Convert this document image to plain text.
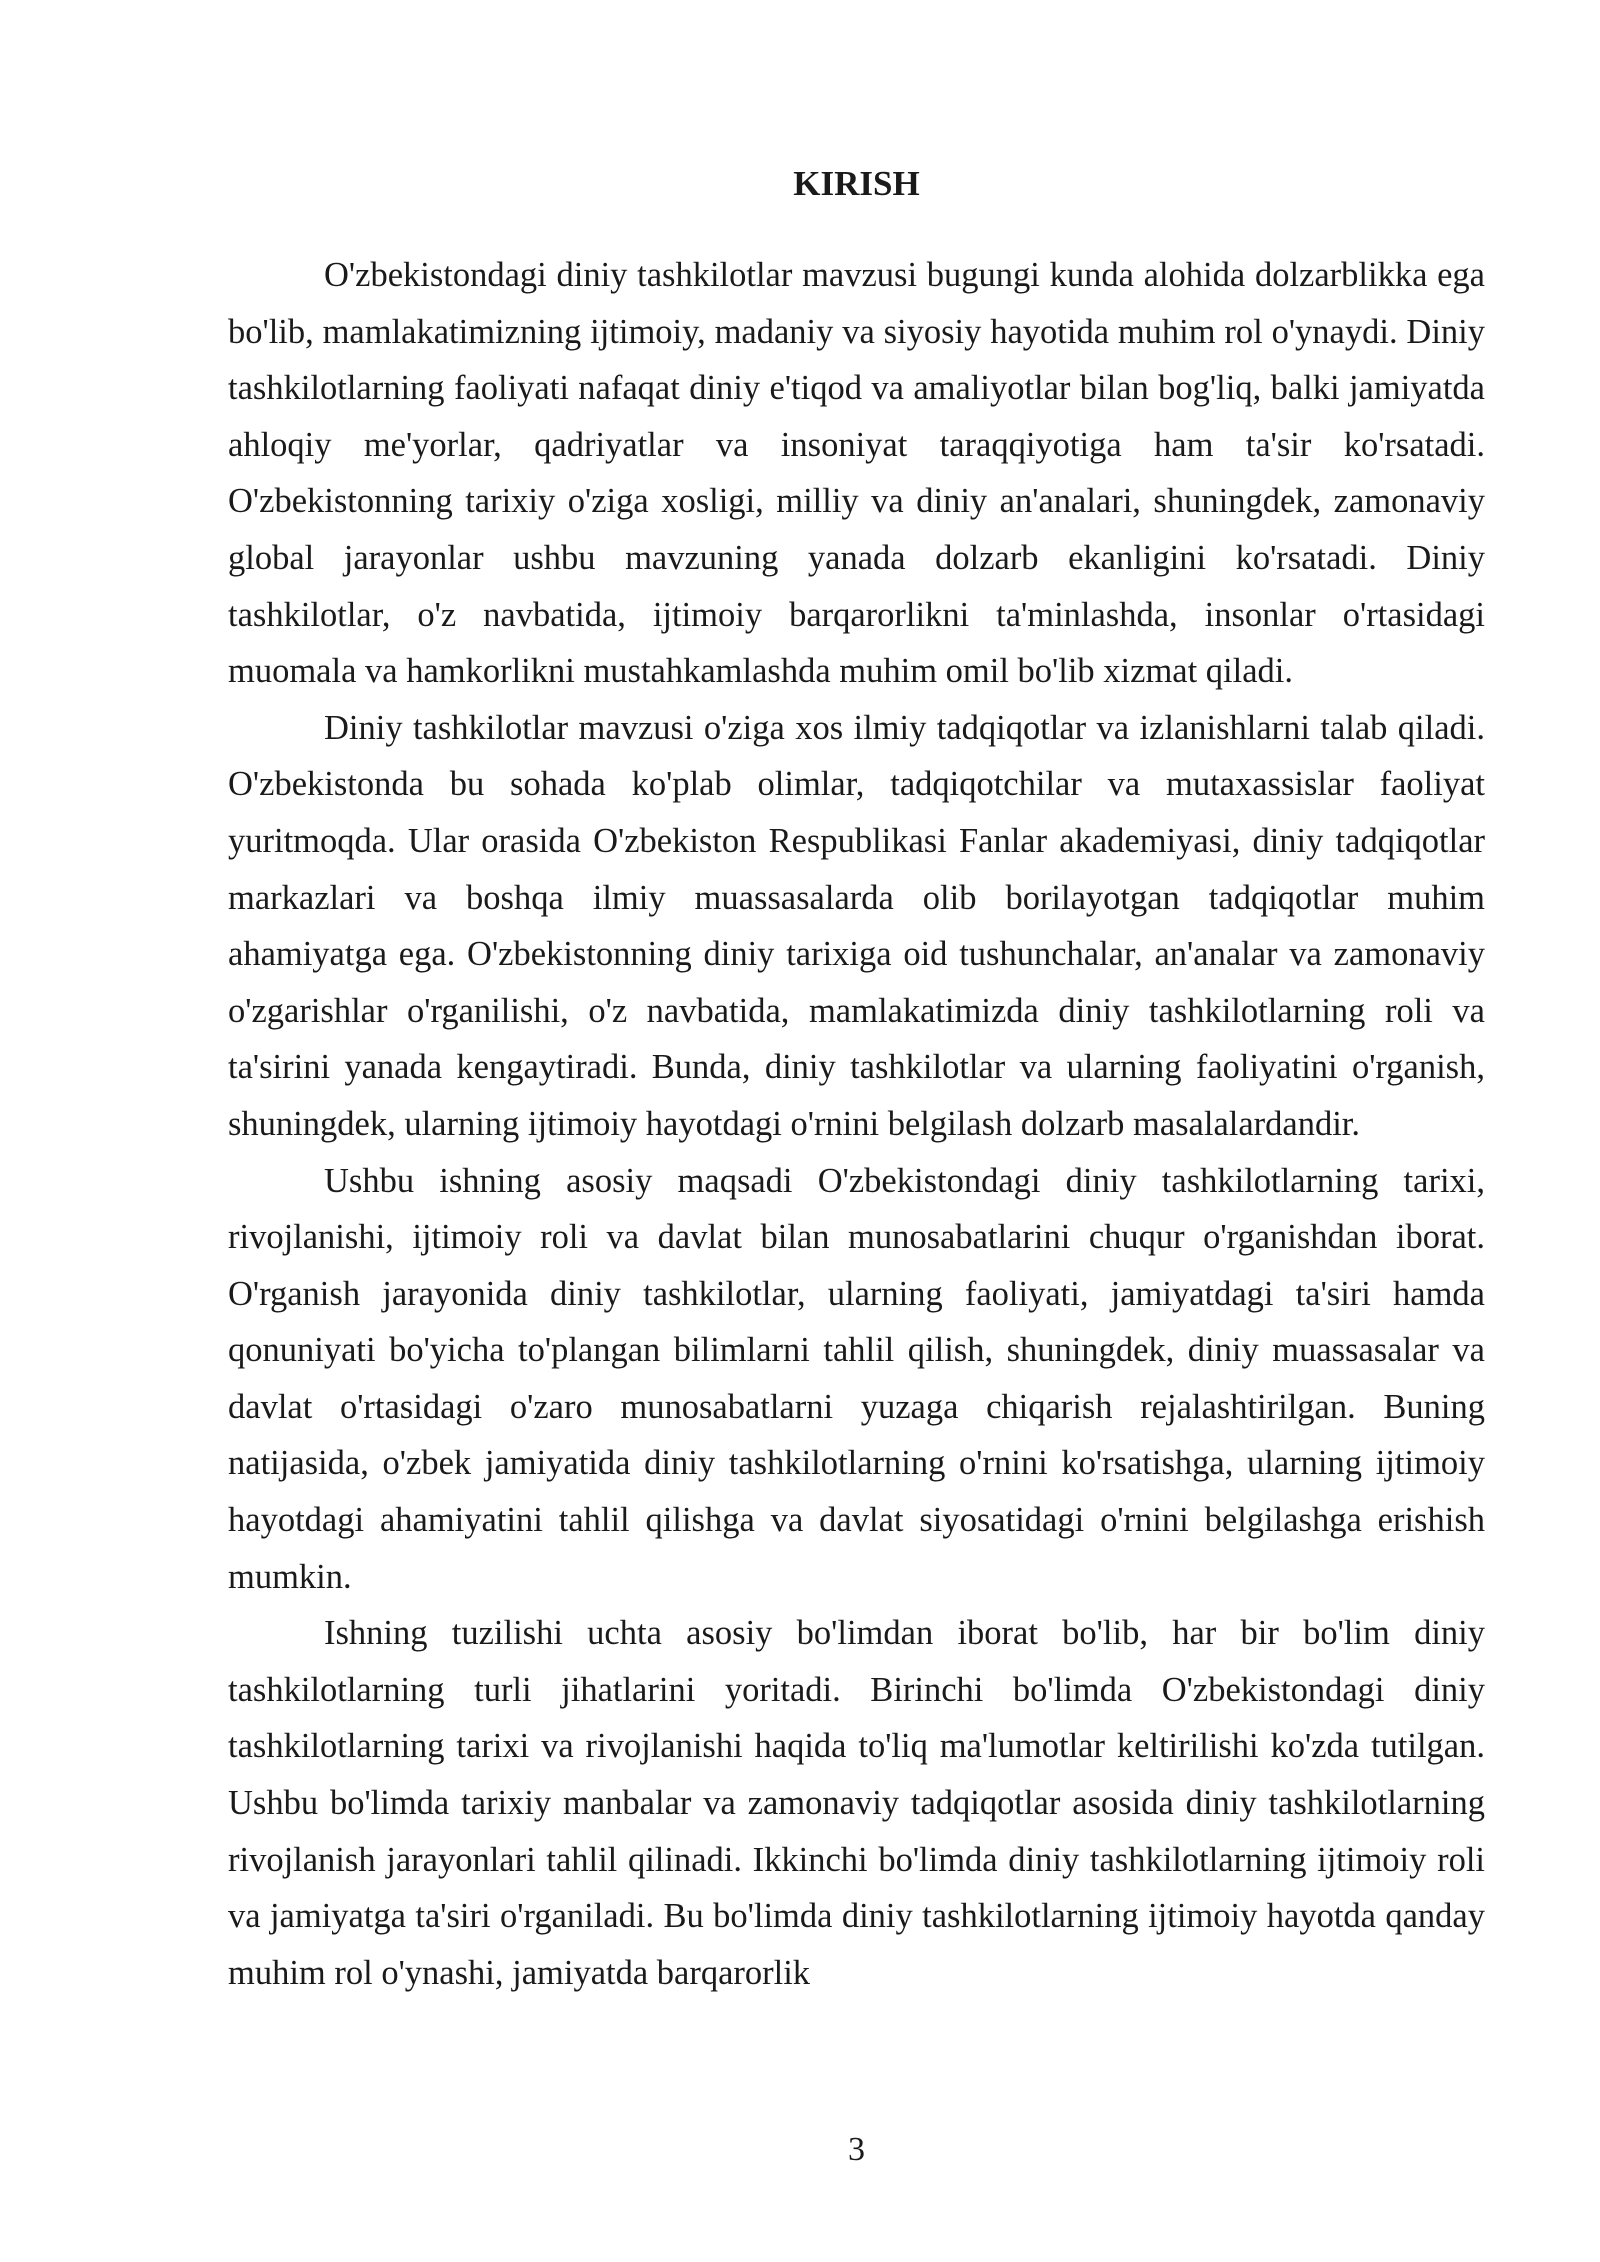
KIRISH

O'zbekistondagi diniy tashkilotlar mavzusi bugungi kunda alohida dolzarblikka ega bo'lib, mamlakatimizning ijtimoiy, madaniy va siyosiy hayotida muhim rol o'ynaydi. Diniy tashkilotlarning faoliyati nafaqat diniy e'tiqod va amaliyotlar bilan bog'liq, balki jamiyatda ahloqiy me'yorlar, qadriyatlar va insoniyat taraqqiyotiga ham ta'sir ko'rsatadi. O'zbekistonning tarixiy o'ziga xosligi, milliy va diniy an'analari, shuningdek, zamonaviy global jarayonlar ushbu mavzuning yanada dolzarb ekanligini ko'rsatadi. Diniy tashkilotlar, o'z navbatida, ijtimoiy barqarorlikni ta'minlashda, insonlar o'rtasidagi muomala va hamkorlikni mustahkamlashda muhim omil bo'lib xizmat qiladi.

Diniy tashkilotlar mavzusi o'ziga xos ilmiy tadqiqotlar va izlanishlarni talab qiladi. O'zbekistonda bu sohada ko'plab olimlar, tadqiqotchilar va mutaxassislar faoliyat yuritmoqda. Ular orasida O'zbekiston Respublikasi Fanlar akademiyasi, diniy tadqiqotlar markazlari va boshqa ilmiy muassasalarda olib borilayotgan tadqiqotlar muhim ahamiyatga ega. O'zbekistonning diniy tarixiga oid tushunchalar, an'analar va zamonaviy o'zgarishlar o'rganilishi, o'z navbatida, mamlakatimizda diniy tashkilotlarning roli va ta'sirini yanada kengaytiradi. Bunda, diniy tashkilotlar va ularning faoliyatini o'rganish, shuningdek, ularning ijtimoiy hayotdagi o'rnini belgilash dolzarb masalalardandir.

Ushbu ishning asosiy maqsadi O'zbekistondagi diniy tashkilotlarning tarixi, rivojlanishi, ijtimoiy roli va davlat bilan munosabatlarini chuqur o'rganishdan iborat. O'rganish jarayonida diniy tashkilotlar, ularning faoliyati, jamiyatdagi ta'siri hamda qonuniyati bo'yicha to'plangan bilimlarni tahlil qilish, shuningdek, diniy muassasalar va davlat o'rtasidagi o'zaro munosabatlarni yuzaga chiqarish rejalashtirilgan. Buning natijasida, o'zbek jamiyatida diniy tashkilotlarning o'rnini ko'rsatishga, ularning ijtimoiy hayotdagi ahamiyatini tahlil qilishga va davlat siyosatidagi o'rnini belgilashga erishish mumkin.

Ishning tuzilishi uchta asosiy bo'limdan iborat bo'lib, har bir bo'lim diniy tashkilotlarning turli jihatlarini yoritadi. Birinchi bo'limda O'zbekistondagi diniy tashkilotlarning tarixi va rivojlanishi haqida to'liq ma'lumotlar keltirilishi ko'zda tutilgan. Ushbu bo'limda tarixiy manbalar va zamonaviy tadqiqotlar asosida diniy tashkilotlarning rivojlanish jarayonlari tahlil qilinadi. Ikkinchi bo'limda diniy tashkilotlarning ijtimoiy roli va jamiyatga ta'siri o'rganiladi. Bu bo'limda diniy tashkilotlarning ijtimoiy hayotda qanday muhim rol o'ynashi, jamiyatda barqarorlik

3
